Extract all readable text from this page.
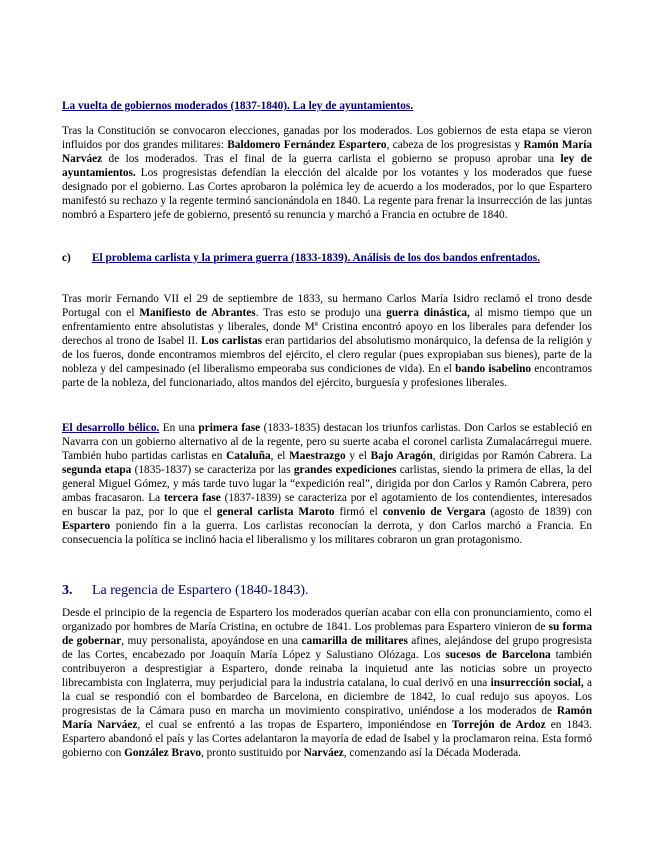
La vuelta de gobiernos moderados (1837-1840). La ley de ayuntamientos.

Tras la Constitución se convocaron elecciones, ganadas por los moderados. Los gobiernos de esta etapa se vieron influidos por dos grandes militares: Baldomero Fernández Espartero, cabeza de los progresistas y Ramón María Narváez de los moderados. Tras el final de la guerra carlista el gobierno se propuso aprobar una ley de ayuntamientos. Los progresistas defendían la elección del alcalde por los votantes y los moderados que fuese designado por el gobierno. Las Cortes aprobaron la polémica ley de acuerdo a los moderados, por lo que Espartero manifestó su rechazo y la regente terminó sancionándola en 1840. La regente para frenar la insurrección de las juntas nombró a Espartero jefe de gobierno, presentó su renuncia y marchó a Francia en octubre de 1840.

c)	El problema carlista y la primera guerra (1833-1839). Análisis de los dos bandos enfrentados.

Tras morir Fernando VII el 29 de septiembre de 1833, su hermano Carlos María Isidro reclamó el trono desde Portugal con el Manifiesto de Abrantes. Tras esto se produjo una guerra dinástica, al mismo tiempo que un enfrentamiento entre absolutistas y liberales, donde Mª Cristina encontró apoyo en los liberales para defender los derechos al trono de Isabel II. Los carlistas eran partidarios del absolutismo monárquico, la defensa de la religión y de los fueros, donde encontramos miembros del ejército, el clero regular (pues expropiaban sus bienes), parte de la nobleza y del campesinado (el liberalismo empeoraba sus condiciones de vida). En el bando isabelino encontramos parte de la nobleza, del funcionariado, altos mandos del ejército, burguesía y profesiones liberales.

El desarrollo bélico. En una primera fase (1833-1835) destacan los triunfos carlistas. Don Carlos se estableció en Navarra con un gobierno alternativo al de la regente, pero su suerte acaba el coronel carlista Zumalacárregui muere. También hubo partidas carlistas en Cataluña, el Maestrazgo y el Bajo Aragón, dirigidas por Ramón Cabrera. La segunda etapa (1835-1837) se caracteriza por las grandes expediciones carlistas, siendo la primera de ellas, la del general Miguel Gómez, y más tarde tuvo lugar la “expedición real”, dirigida por don Carlos y Ramón Cabrera, pero ambas fracasaron. La tercera fase (1837-1839) se caracteriza por el agotamiento de los contendientes, interesados en buscar la paz, por lo que el general carlista Maroto firmó el convenio de Vergara (agosto de 1839) con Espartero poniendo fin a la guerra. Los carlistas reconocían la derrota, y don Carlos marchó a Francia. En consecuencia la política se inclinó hacia el liberalismo y los militares cobraron un gran protagonismo.

3.	La regencia de Espartero (1840-1843).

Desde el principio de la regencia de Espartero los moderados querían acabar con ella con pronunciamiento, como el organizado por hombres de María Cristina, en octubre de 1841. Los problemas para Espartero vinieron de su forma de gobernar, muy personalista, apoyándose en una camarilla de militares afines, alejándose del grupo progresista de las Cortes, encabezado por Joaquín María López y Salustiano Olózaga. Los sucesos de Barcelona también contribuyeron a desprestigiar a Espartero, donde reinaba la inquietud ante las noticias sobre un proyecto librecambista con Inglaterra, muy perjudicial para la industria catalana, lo cual derivó en una insurrección social, a la cual se respondió con el bombardeo de Barcelona, en diciembre de 1842, lo cual redujo sus apoyos. Los progresistas de la Cámara puso en marcha un movimiento conspirativo, uniéndose a los moderados de Ramón María Narváez, el cual se enfrentó a las tropas de Espartero, imponiéndose en Torrejón de Ardoz en 1843. Espartero abandonó el país y las Cortes adelantaron la mayoría de edad de Isabel y la proclamaron reina. Esta formó gobierno con González Bravo, pronto sustituido por Narváez, comenzando así la Década Moderada.
